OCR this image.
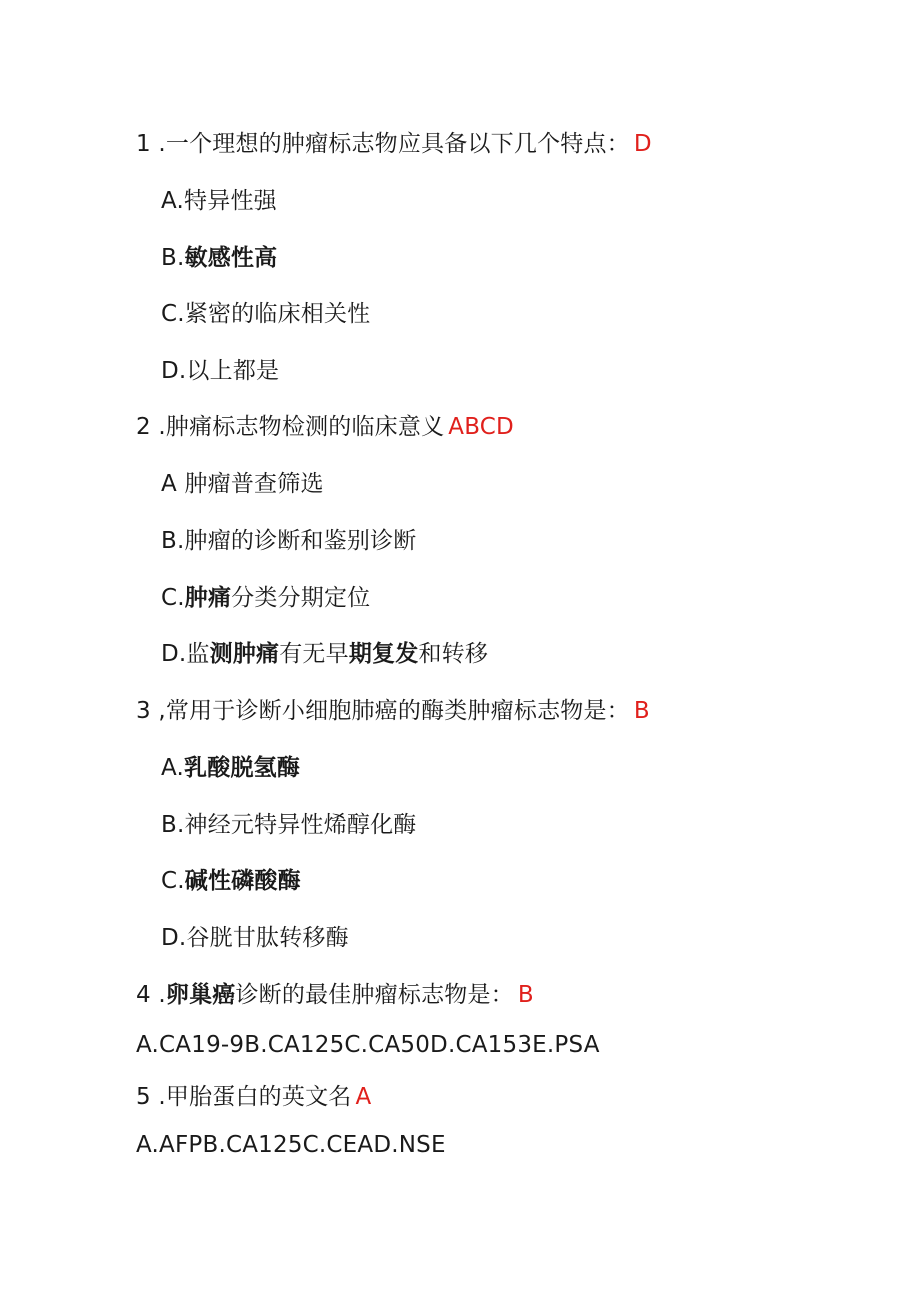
1 .一个理想的肿瘤标志物应具备以下几个特点： D
A.特异性强
B.敏感性高
C.紧密的临床相关性
D.以上都是
2 .肿痛标志物检测的临床意义 ABCD
A 肿瘤普查筛选
B.肿瘤的诊断和鉴别诊断
C.肿痛分类分期定位
D.监测肿痛有无早期复发和转移
3 ,常用于诊断小细胞肺癌的酶类肿瘤标志物是： B
A.乳酸脱氢酶
B.神经元特异性烯醇化酶
C.碱性磷酸酶
D.谷胱甘肽转移酶
4 .卵巢癌诊断的最佳肿瘤标志物是： B
A.CA19-9B.CA125C.CA50D.CA153E.PSA
5 .甲胎蛋白的英文名 A
A.AFPB.CA125C.CEAD.NSE
